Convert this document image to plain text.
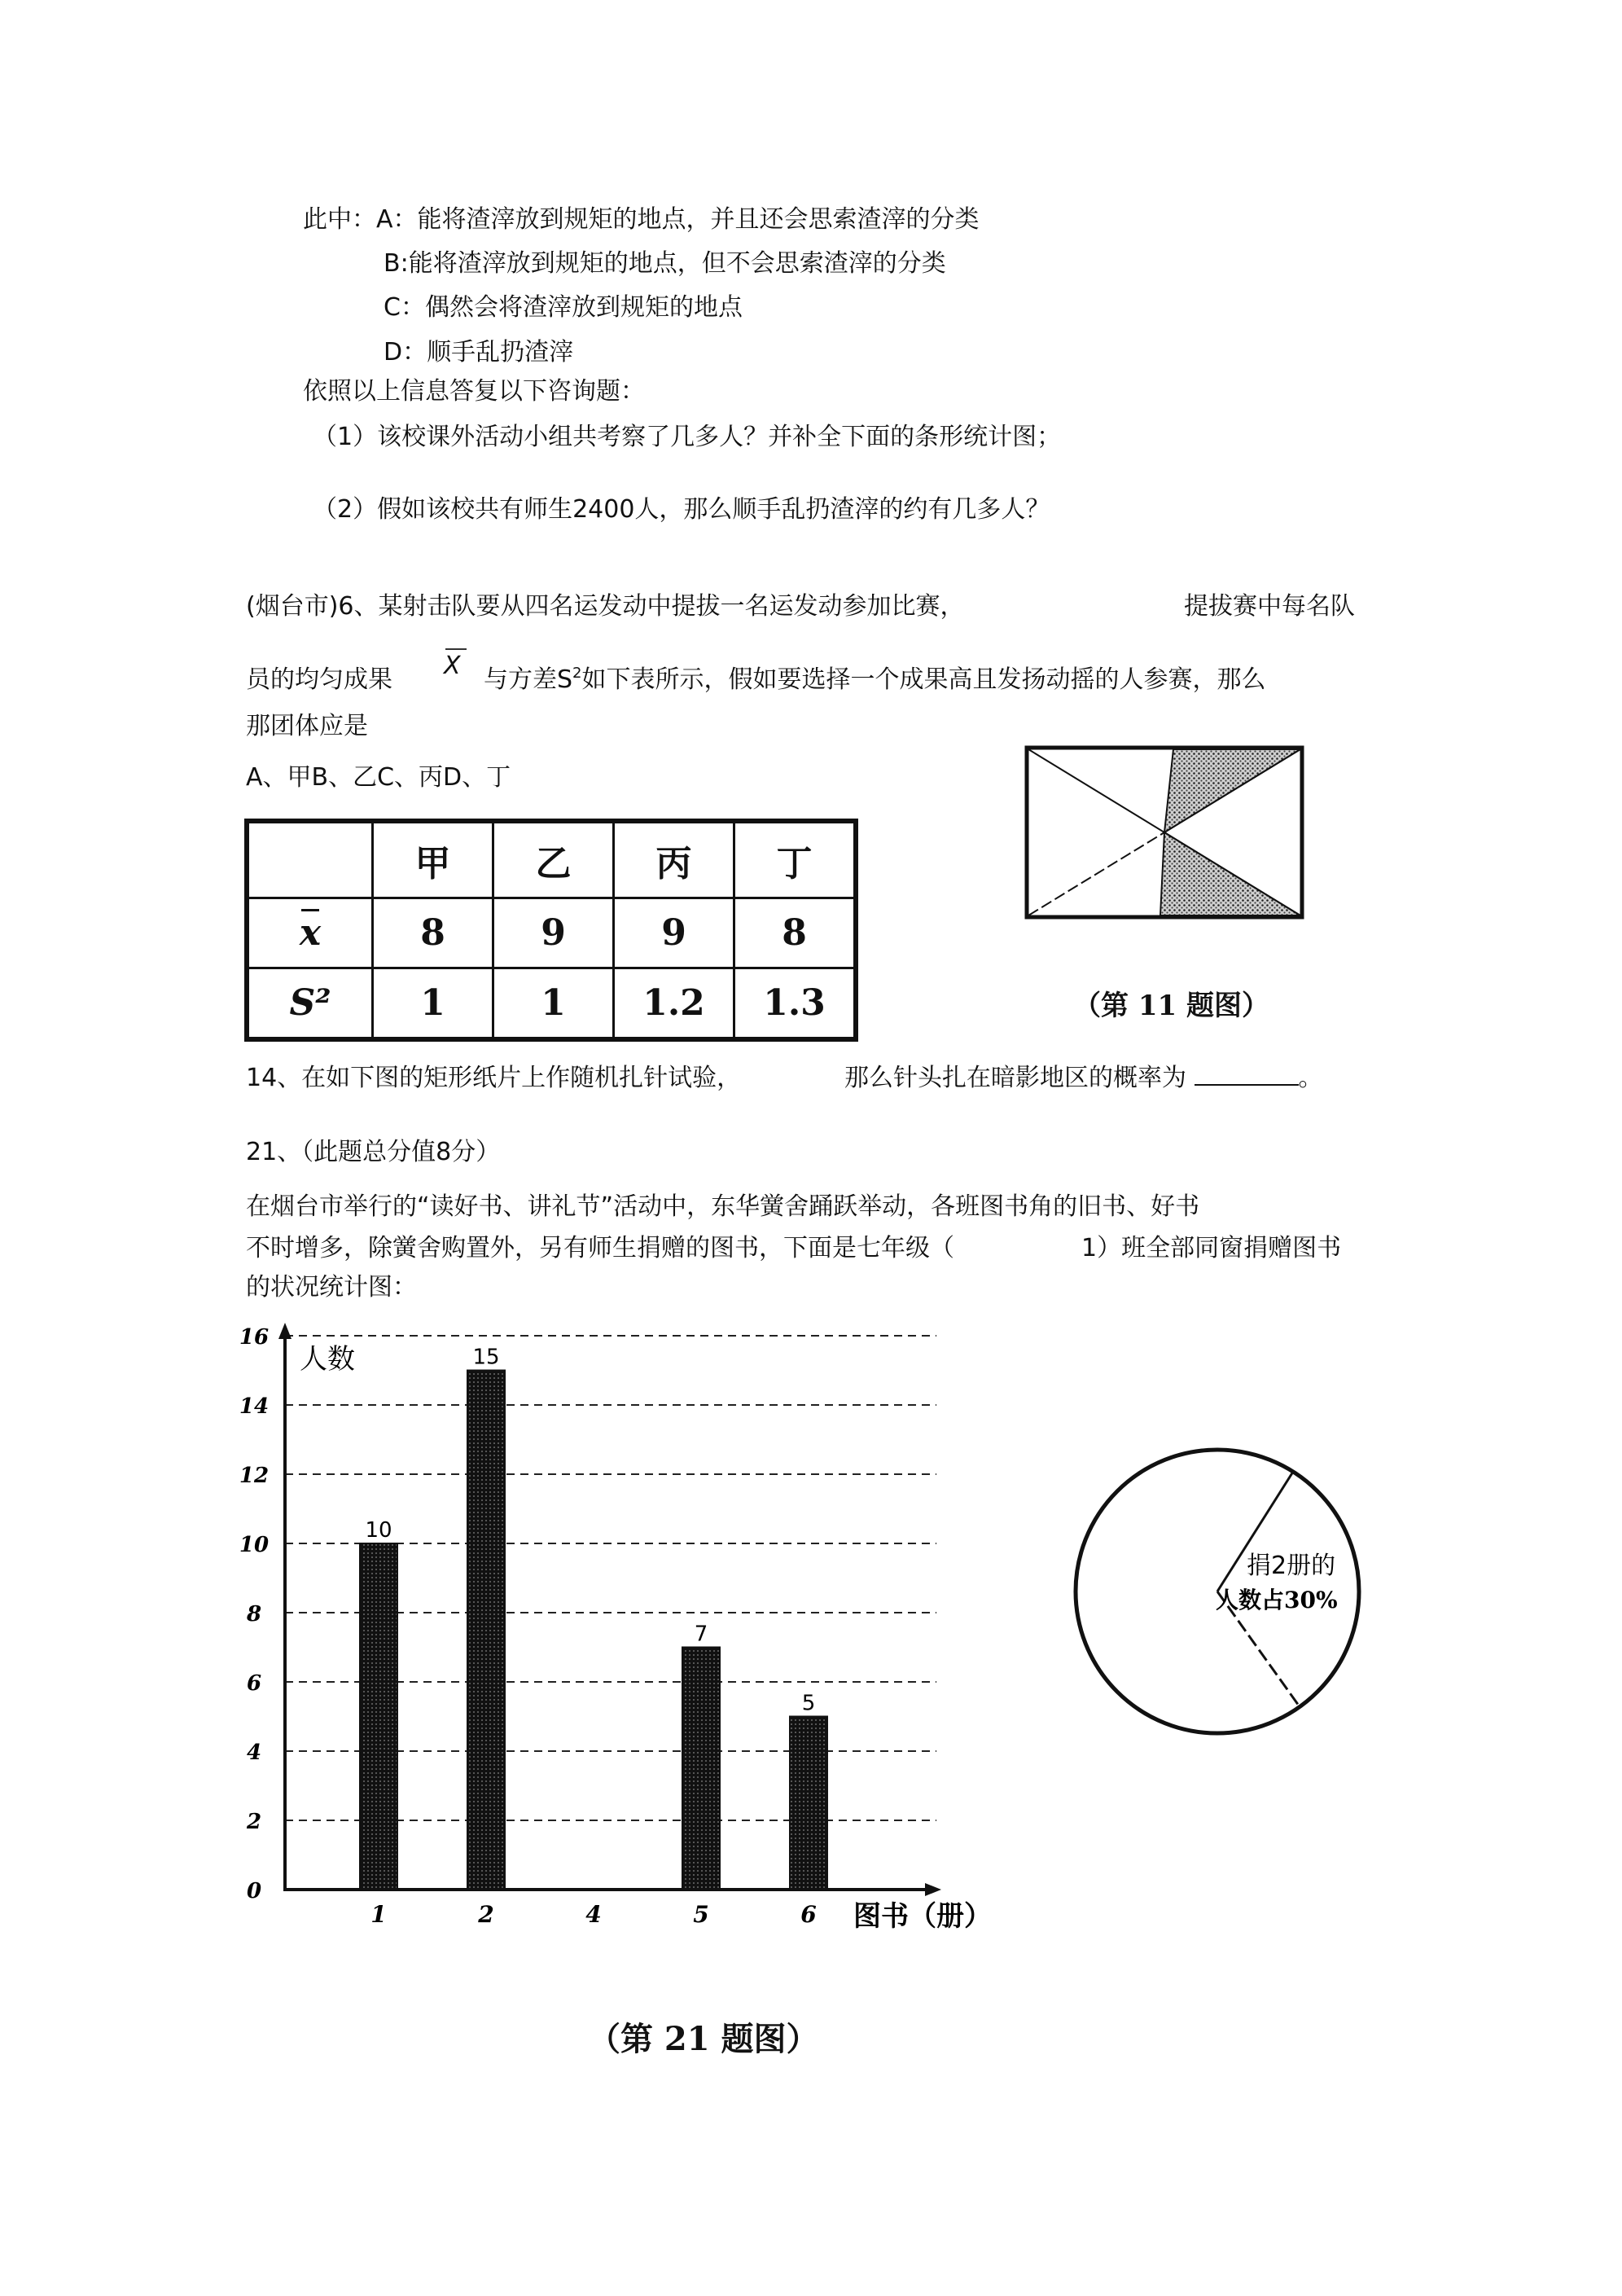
此中：A：能将渣滓放到规矩的地点，并且还会思索渣滓的分类
B:能将渣滓放到规矩的地点，但不会思索渣滓的分类
C：偶然会将渣滓放到规矩的地点
D：顺手乱扔渣滓
依照以上信息答复以下咨询题：
（1）该校课外活动小组共考察了几多人？并补全下面的条形统计图；
（2）假如该校共有师生2400人，那么顺手乱扔渣滓的约有几多人？
(烟台市)6、某射击队要从四名运发动中提拔一名运发动参加比赛，	提拔赛中每名队
员的均匀成果 X 与方差$S^2$如下表所示，假如要选择一个成果高且发扬动摇的人参赛，那么
那团体应是
A、甲B、乙C、丙D、丁
	甲	乙	丙	丁
x	8	9	9	8
S²	1	1	1.2	1.3	（第 11 题图）
14、在如下图的矩形纸片上作随机扎针试验，	那么针头扎在暗影地区的概率为	。
21、（此题总分值8分）
在烟台市举行的“读好书、讲礼节”活动中，东华黉舍踊跃举动，各班图书角的旧书、好书
不时增多，除黉舍购置外，另有师生捐赠的图书，下面是七年级（	1）班全部同窗捐赠图书
的状况统计图：
0
2
4
6
8
10
12
14
16
1
10
2
15
4	5
7
6
5
人数
图书（册）
捐2册的
人数占30%
（第 21 题图）
